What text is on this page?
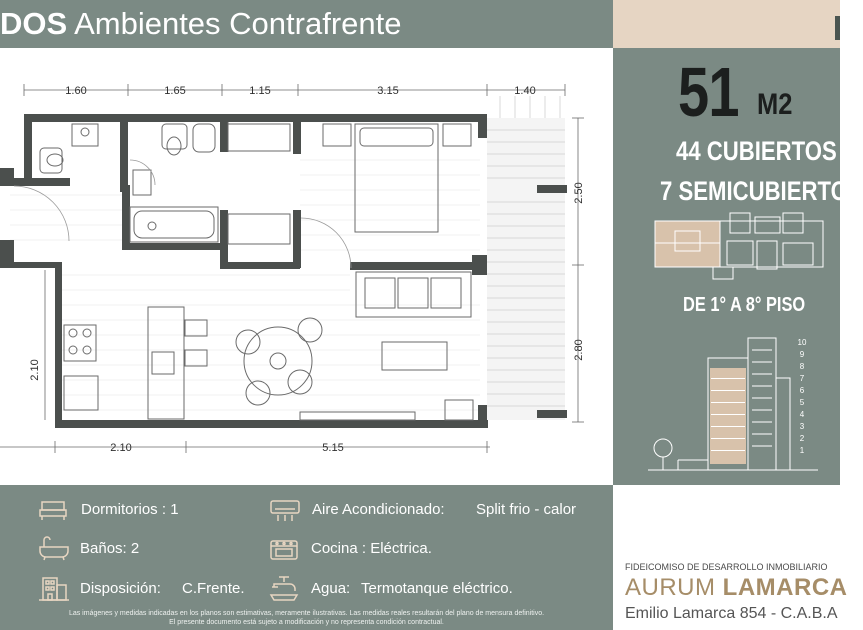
DOS Ambientes Contrafrente
1.60	1.65	1.15	3.15	1.40
2.10	5.15
2.50
2.80
2.10
51 M2
44 CUBIERTOS
7 SEMICUBIERTOS
DE 1° A 8° PISO
10
9
8
7
6
5
4
3
2
1
Dormitorios : 1	Aire Acondicionado: Split frio - calor
Baños: 2	Cocina : Eléctrica.
Disposición: C.Frente.	Agua: Termotanque eléctrico.
Las imágenes y medidas indicadas en los planos son estimativas, meramente ilustrativas. Las medidas reales resultarán del plano de mensura definitivo.
El presente documento está sujeto a modificación y no representa condición contractual.
FIDEICOMISO DE DESARROLLO INMOBILIARIO
AURUM LAMARCA
Emilio Lamarca 854 - C.A.B.A
